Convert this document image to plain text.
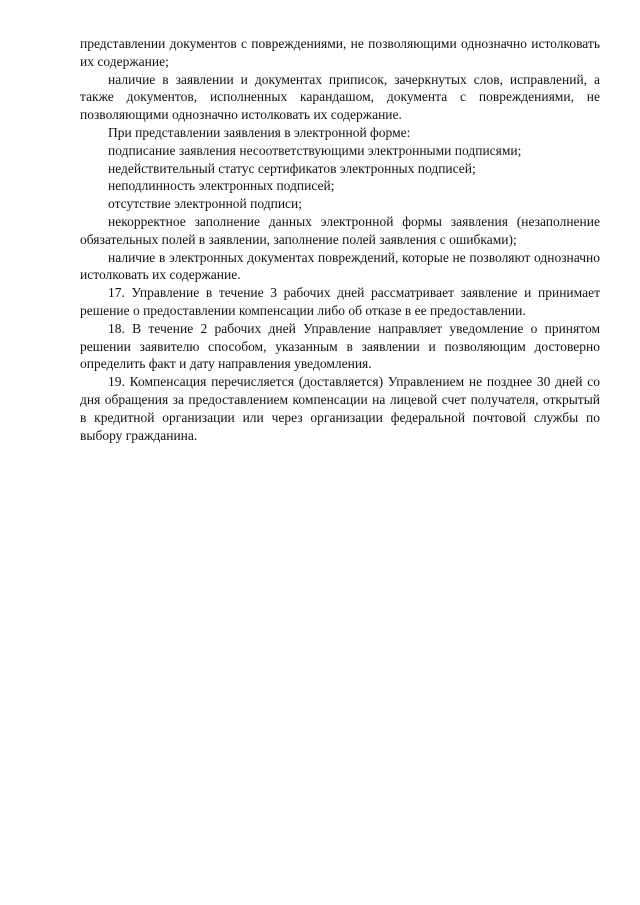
представлении документов с повреждениями, не позволяющими однозначно истолковать их содержание;

наличие в заявлении и документах приписок, зачеркнутых слов, исправлений, а также документов, исполненных карандашом, документа с повреждениями, не позволяющими однозначно истолковать их содержание.

При представлении заявления в электронной форме:

подписание заявления несоответствующими электронными подписями;

недействительный статус сертификатов электронных подписей;

неподлинность электронных подписей;

отсутствие электронной подписи;

некорректное заполнение данных электронной формы заявления (незаполнение обязательных полей в заявлении, заполнение полей заявления с ошибками);

наличие в электронных документах повреждений, которые не позволяют однозначно истолковать их содержание.

17. Управление в течение 3 рабочих дней рассматривает заявление и принимает решение о предоставлении компенсации либо об отказе в ее предоставлении.

18. В течение 2 рабочих дней Управление направляет уведомление о принятом решении заявителю способом, указанным в заявлении и позволяющим достоверно определить факт и дату направления уведомления.

19. Компенсация перечисляется (доставляется) Управлением не позднее 30 дней со дня обращения за предоставлением компенсации на лицевой счет получателя, открытый в кредитной организации или через организации федеральной почтовой службы по выбору гражданина.
